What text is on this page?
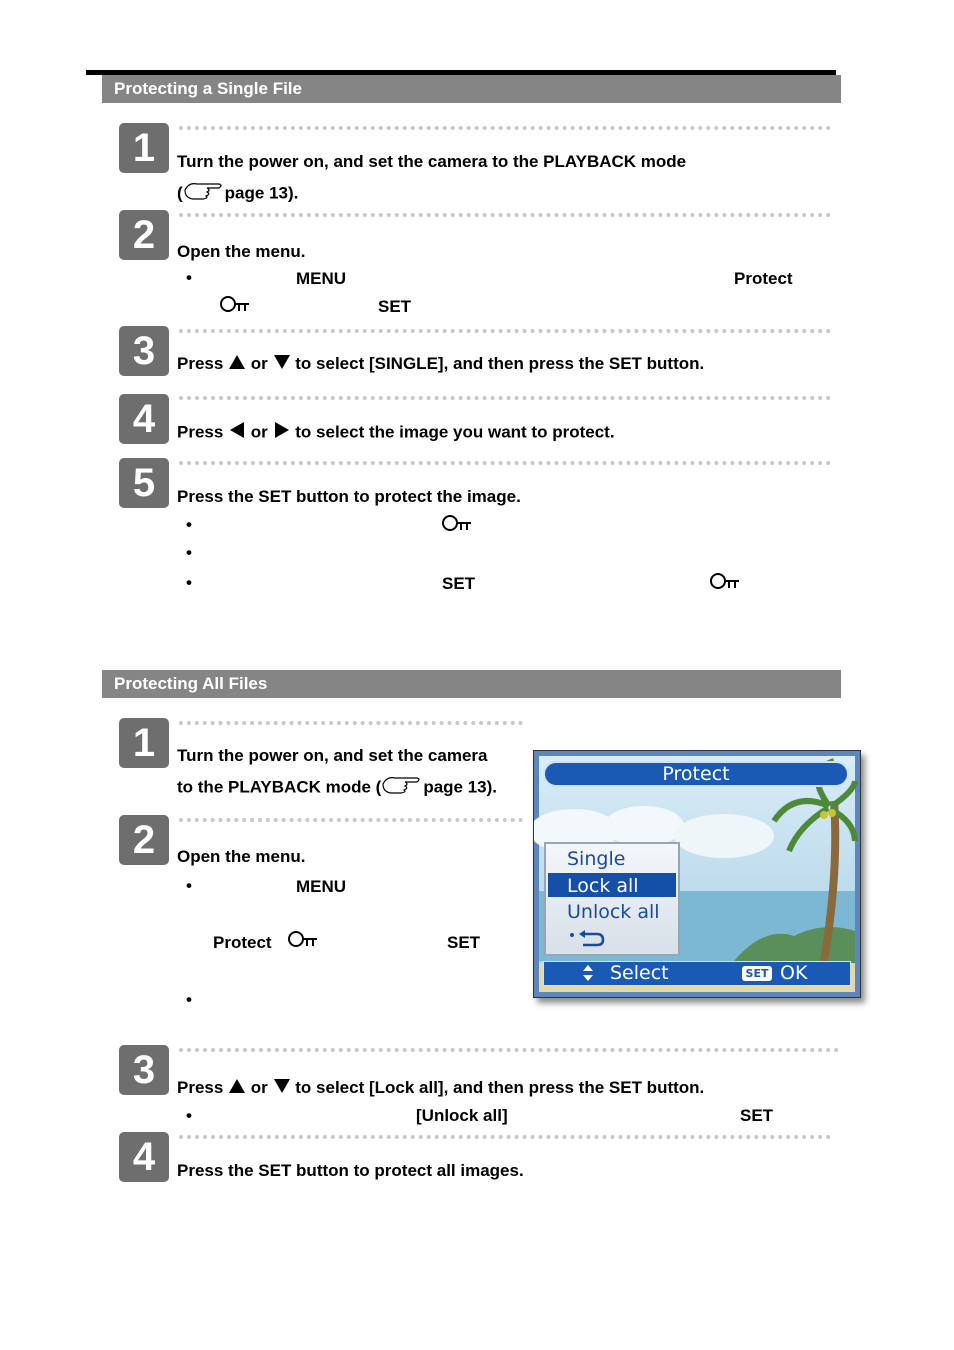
Protecting a Single File
1	Turn the power on, and set the camera to the PLAYBACK mode
( page 13).
2	Open the menu.
•	MENU	Protect
SET
3	Press or to select [SINGLE], and then press the SET button.
4	Press or to select the image you want to protect.
5	Press the SET button to protect the image.
•
•
•	SET
Protecting All Files
1	Turn the power on, and set the camera
to the PLAYBACK mode ( page 13).
2	Open the menu.
•	MENU
Protect	SET
•
Protect
Single
Lock all
Unlock all
Select	SET OK
3	Press or to select [Lock all], and then press the SET button.
•	[Unlock all]	SET
4	Press the SET button to protect all images.
